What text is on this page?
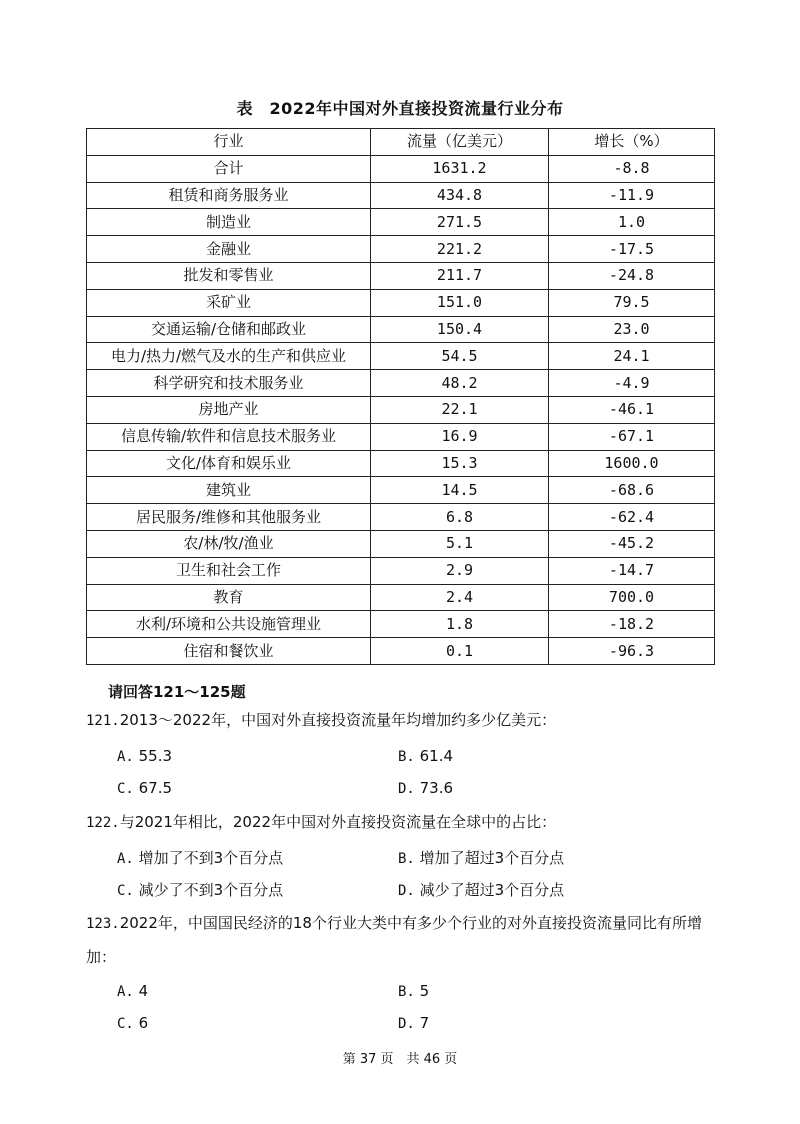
表　2022年中国对外直接投资流量行业分布
行业	流量（亿美元）	增长（%）
合计	1631.2	-8.8
租赁和商务服务业	434.8	-11.9
制造业	271.5	1.0
金融业	221.2	-17.5
批发和零售业	211.7	-24.8
采矿业	151.0	79.5
交通运输/仓储和邮政业	150.4	23.0
电力/热力/燃气及水的生产和供应业	54.5	24.1
科学研究和技术服务业	48.2	-4.9
房地产业	22.1	-46.1
信息传输/软件和信息技术服务业	16.9	-67.1
文化/体育和娱乐业	15.3	1600.0
建筑业	14.5	-68.6
居民服务/维修和其他服务业	6.8	-62.4
农/林/牧/渔业	5.1	-45.2
卫生和社会工作	2.9	-14.7
教育	2.4	700.0
水利/环境和公共设施管理业	1.8	-18.2
住宿和餐饮业	0.1	-96.3
请回答121～125题
121.2013～2022年，中国对外直接投资流量年均增加约多少亿美元：
A. 55.3	B. 61.4
C. 67.5	D. 73.6
122.与2021年相比，2022年中国对外直接投资流量在全球中的占比：
A. 增加了不到3个百分点	B. 增加了超过3个百分点
C. 减少了不到3个百分点	D. 减少了超过3个百分点
123.2022年，中国国民经济的18个行业大类中有多少个行业的对外直接投资流量同比有所增加：
A. 4	B. 5
C. 6	D. 7
第 37 页　共 46 页
